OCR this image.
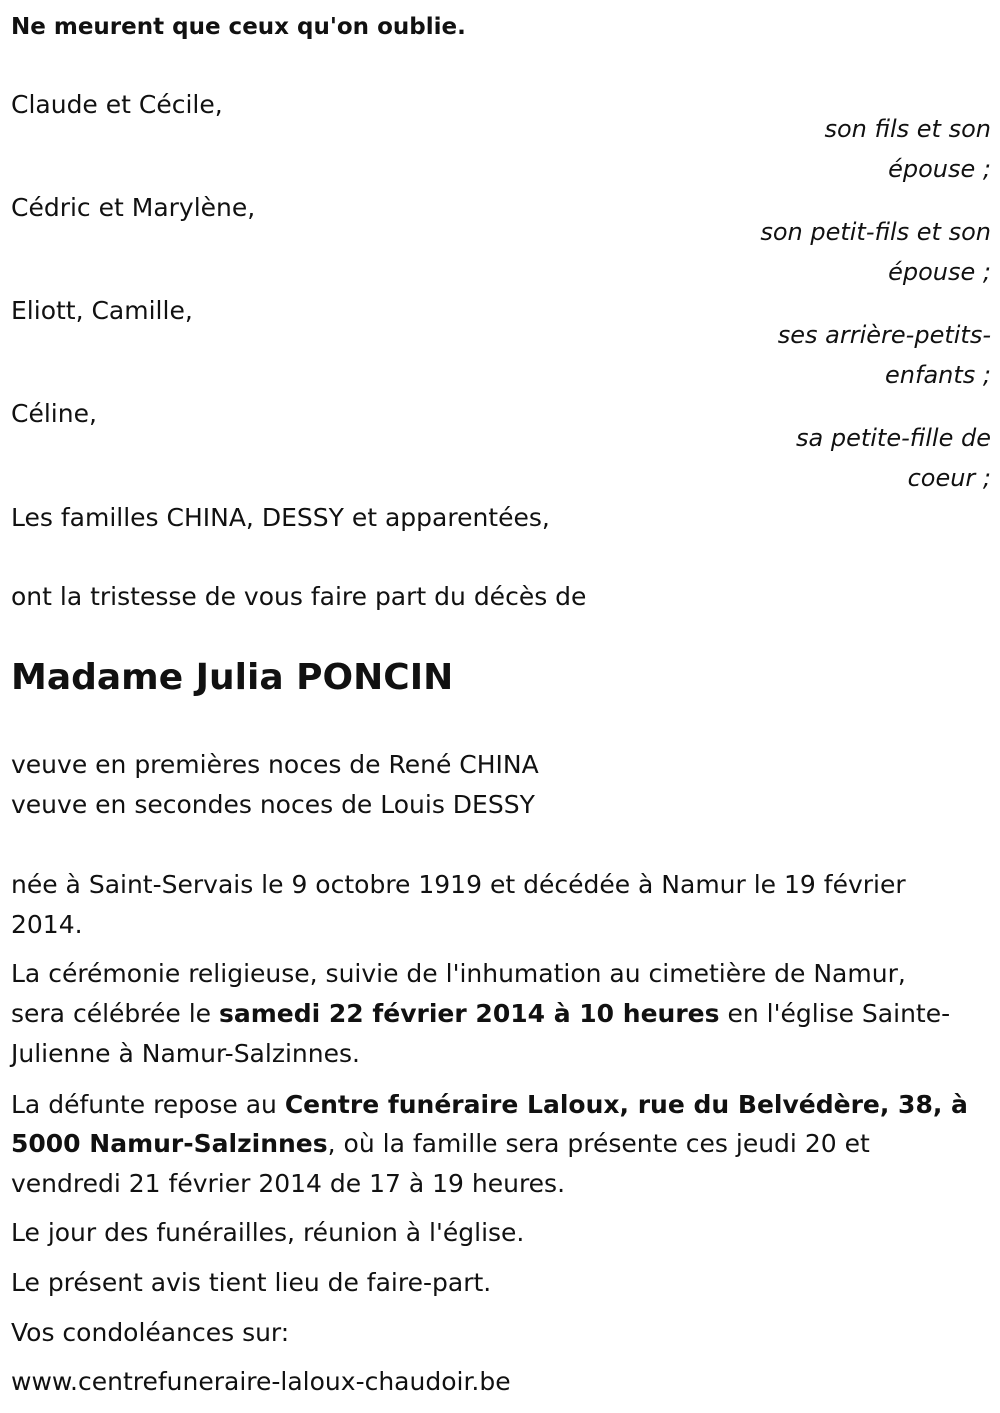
Ne meurent que ceux qu'on oublie.
Claude et Cécile,
son fils et son
épouse ;
Cédric et Marylène,
son petit-fils et son
épouse ;
Eliott, Camille,
ses arrière-petits-
enfants ;
Céline,
sa petite-fille de
coeur ;
Les familles CHINA, DESSY et apparentées,
ont la tristesse de vous faire part du décès de
Madame Julia PONCIN
veuve en premières noces de René CHINA
veuve en secondes noces de Louis DESSY
née à Saint-Servais le 9 octobre 1919 et décédée à Namur le 19 février
2014.
La cérémonie religieuse, suivie de l'inhumation au cimetière de Namur,
sera célébrée le samedi 22 février 2014 à 10 heures en l'église Sainte-
Julienne à Namur-Salzinnes.
La défunte repose au Centre funéraire Laloux, rue du Belvédère, 38, à
5000 Namur-Salzinnes, où la famille sera présente ces jeudi 20 et
vendredi 21 février 2014 de 17 à 19 heures.
Le jour des funérailles, réunion à l'église.
Le présent avis tient lieu de faire-part.
Vos condoléances sur:
www.centrefuneraire-laloux-chaudoir.be
